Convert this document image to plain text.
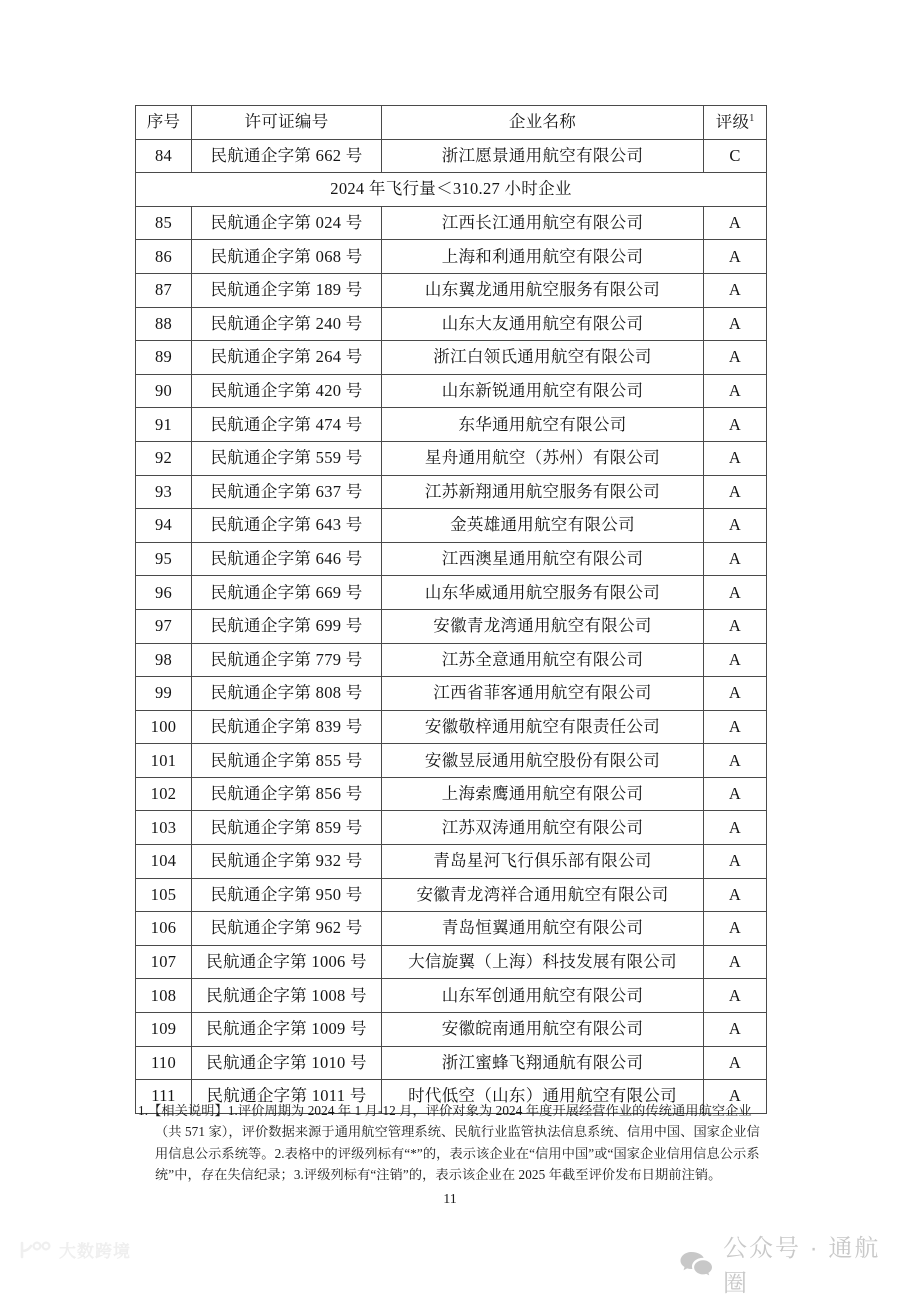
序号	许可证编号	企业名称	评级$^1$
84	民航通企字第 662 号	浙江愿景通用航空有限公司	C
2024 年飞行量＜310.27 小时企业			
85	民航通企字第 024 号	江西长江通用航空有限公司	A
86	民航通企字第 068 号	上海和利通用航空有限公司	A
87	民航通企字第 189 号	山东翼龙通用航空服务有限公司	A
88	民航通企字第 240 号	山东大友通用航空有限公司	A
89	民航通企字第 264 号	浙江白领氏通用航空有限公司	A
90	民航通企字第 420 号	山东新锐通用航空有限公司	A
91	民航通企字第 474 号	东华通用航空有限公司	A
92	民航通企字第 559 号	星舟通用航空（苏州）有限公司	A
93	民航通企字第 637 号	江苏新翔通用航空服务有限公司	A
94	民航通企字第 643 号	金英雄通用航空有限公司	A
95	民航通企字第 646 号	江西澳星通用航空有限公司	A
96	民航通企字第 669 号	山东华威通用航空服务有限公司	A
97	民航通企字第 699 号	安徽青龙湾通用航空有限公司	A
98	民航通企字第 779 号	江苏全意通用航空有限公司	A
99	民航通企字第 808 号	江西省菲客通用航空有限公司	A
100	民航通企字第 839 号	安徽敬梓通用航空有限责任公司	A
101	民航通企字第 855 号	安徽昱辰通用航空股份有限公司	A
102	民航通企字第 856 号	上海索鹰通用航空有限公司	A
103	民航通企字第 859 号	江苏双涛通用航空有限公司	A
104	民航通企字第 932 号	青岛星河飞行俱乐部有限公司	A
105	民航通企字第 950 号	安徽青龙湾祥合通用航空有限公司	A
106	民航通企字第 962 号	青岛恒翼通用航空有限公司	A
107	民航通企字第 1006 号	大信旋翼（上海）科技发展有限公司	A
108	民航通企字第 1008 号	山东军创通用航空有限公司	A
109	民航通企字第 1009 号	安徽皖南通用航空有限公司	A
110	民航通企字第 1010 号	浙江蜜蜂飞翔通航有限公司	A
111	民航通企字第 1011 号	时代低空（山东）通用航空有限公司	A

1.【相关说明】1.评价周期为 2024 年 1 月-12 月，评价对象为 2024 年度开展经营作业的传统通用航空企业

（共 571 家），评价数据来源于通用航空管理系统、民航行业监管执法信息系统、信用中国、国家企业信

用信息公示系统等。2.表格中的评级列标有“*”的，表示该企业在“信用中国”或“国家企业信用信息公示系

统”中，存在失信纪录；3.评级列标有“注销”的，表示该企业在 2025 年截至评价发布日期前注销。

11
大数跨境	公众号 · 通航圈
